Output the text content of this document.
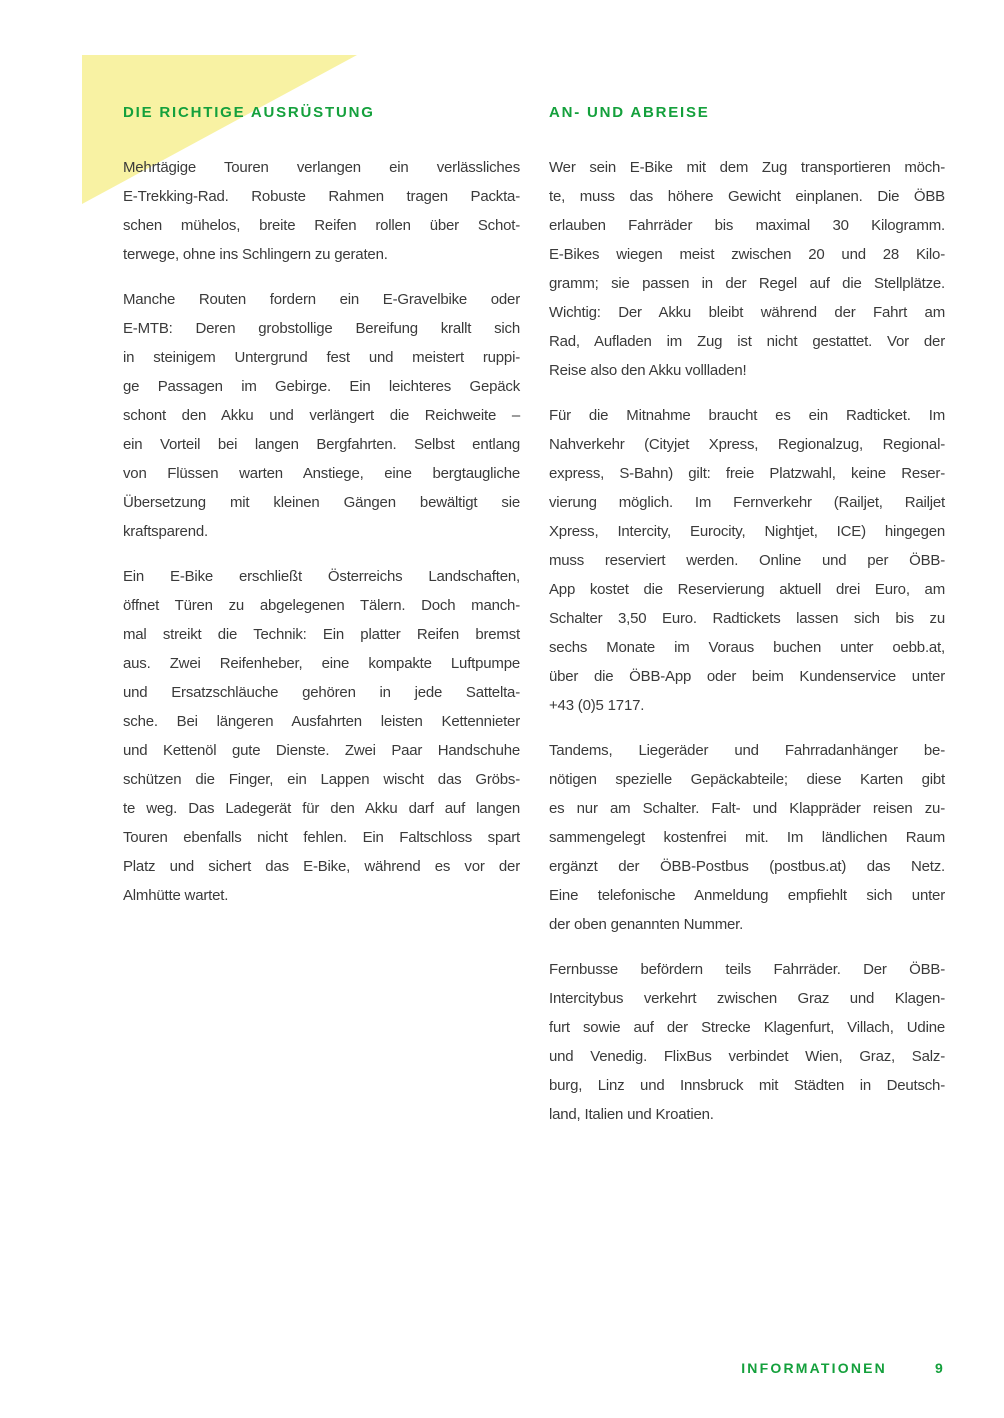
DIE RICHTIGE AUSRÜSTUNG

Mehrtägige Touren verlangen ein verlässliches
E-Trekking-Rad. Robuste Rahmen tragen Packta-
schen mühelos, breite Reifen rollen über Schot-
terwege, ohne ins Schlingern zu geraten.

Manche Routen fordern ein E-Gravelbike oder
E-MTB: Deren grobstollige Bereifung krallt sich
in steinigem Untergrund fest und meistert ruppi-
ge Passagen im Gebirge. Ein leichteres Gepäck
schont den Akku und verlängert die Reichweite –
ein Vorteil bei langen Bergfahrten. Selbst entlang
von Flüssen warten Anstiege, eine bergtaugliche
Übersetzung mit kleinen Gängen bewältigt sie
kraftsparend.

Ein E-Bike erschließt Österreichs Landschaften,
öffnet Türen zu abgelegenen Tälern. Doch manch-
mal streikt die Technik: Ein platter Reifen bremst
aus. Zwei Reifenheber, eine kompakte Luftpumpe
und Ersatzschläuche gehören in jede Sattelta-
sche. Bei längeren Ausfahrten leisten Kettennieter
und Kettenöl gute Dienste. Zwei Paar Handschuhe
schützen die Finger, ein Lappen wischt das Gröbs-
te weg. Das Ladegerät für den Akku darf auf langen
Touren ebenfalls nicht fehlen. Ein Faltschloss spart
Platz und sichert das E-Bike, während es vor der
Almhütte wartet.

AN- UND ABREISE

Wer sein E-Bike mit dem Zug transportieren möch-
te, muss das höhere Gewicht einplanen. Die ÖBB
erlauben Fahrräder bis maximal 30 Kilogramm.
E-Bikes wiegen meist zwischen 20 und 28 Kilo-
gramm; sie passen in der Regel auf die Stellplätze.
Wichtig: Der Akku bleibt während der Fahrt am
Rad, Aufladen im Zug ist nicht gestattet. Vor der
Reise also den Akku vollladen!

Für die Mitnahme braucht es ein Radticket. Im
Nahverkehr (Cityjet Xpress, Regionalzug, Regional-
express, S-Bahn) gilt: freie Platzwahl, keine Reser-
vierung möglich. Im Fernverkehr (Railjet, Railjet
Xpress, Intercity, Eurocity, Nightjet, ICE) hingegen
muss reserviert werden. Online und per ÖBB-
App kostet die Reservierung aktuell drei Euro, am
Schalter 3,50 Euro. Radtickets lassen sich bis zu
sechs Monate im Voraus buchen unter oebb.at,
über die ÖBB-App oder beim Kundenservice unter
+43 (0)5 1717.

Tandems, Liegeräder und Fahrradanhänger be-
nötigen spezielle Gepäckabteile; diese Karten gibt
es nur am Schalter. Falt- und Klappräder reisen zu-
sammengelegt kostenfrei mit. Im ländlichen Raum
ergänzt der ÖBB-Postbus (postbus.at) das Netz.
Eine telefonische Anmeldung empfiehlt sich unter
der oben genannten Nummer.

Fernbusse befördern teils Fahrräder. Der ÖBB-
Intercitybus verkehrt zwischen Graz und Klagen-
furt sowie auf der Strecke Klagenfurt, Villach, Udine
und Venedig. FlixBus verbindet Wien, Graz, Salz-
burg, Linz und Innsbruck mit Städten in Deutsch-
land, Italien und Kroatien.

INFORMATIONEN	9
